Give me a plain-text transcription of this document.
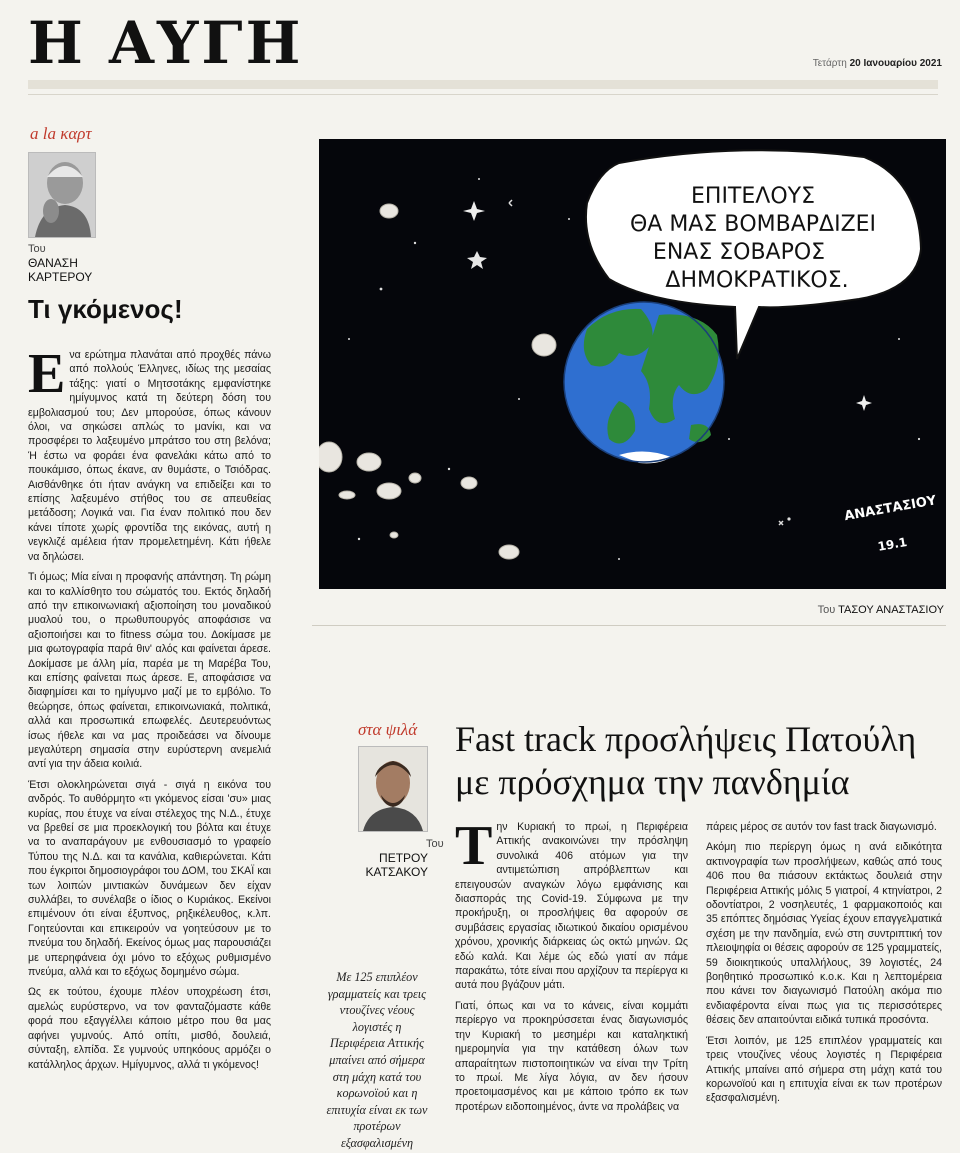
Η ΑΥΓΗ	Τετάρτη 20 Ιανουαρίου 2021
a la καρτ
Του
ΘΑΝΑΣΗ
ΚΑΡΤΕΡΟΥ
Τι γκόμενος!

Ενα ερώτημα πλανάται από προχθές πάνω από πολλούς Έλληνες, ιδίως της μεσαίας τάξης: γιατί ο Μητσοτάκης εμφανίστηκε ημίγυμνος κατά τη δεύτερη δόση του εμβολιασμού του; Δεν μπορούσε, όπως κάνουν όλοι, να σηκώσει απλώς το μανίκι, και να προσφέρει το λαξευμένο μπράτσο του στη βελόνα; Ή έστω να φοράει ένα φανελάκι κάτω από το πουκάμισο, όπως έκανε, αν θυμάστε, ο Τσιόδρας. Αισθάνθηκε ότι ήταν ανάγκη να επιδείξει και το επίσης λαξευμένο στήθος του σε απευθείας μετάδοση; Λογικά ναι. Για έναν πολιτικό που δεν κάνει τίποτε χωρίς φροντίδα της εικόνας, αυτή η νεγκλιζέ αμέλεια ήταν προμελετημένη. Κάτι ήθελε να δηλώσει.

Τι όμως; Μία είναι η προφανής απάντηση. Τη ρώμη και το καλλίσθητο του σώματός του. Εκτός δηλαδή από την επικοινωνιακή αξιοποίηση του μοναδικού μυαλού του, ο πρωθυπουργός αποφάσισε να αξιοποιήσει και το fitness σώμα του. Δοκίμασε με μια φωτογραφία παρά θιν' αλός και φαίνεται άρεσε. Δοκίμασε με άλλη μία, παρέα με τη Μαρέβα Του, και επίσης φαίνεται πως άρεσε. Ε, αποφάσισε να διαφημίσει και το ημίγυμνο μαζί με το εμβόλιο. Το θεώρησε, όπως φαίνεται, επικοινωνιακά, πολιτικά, αλλά και προσωπικά επωφελές. Δευτερευόντως ίσως ήθελε και να μας προιδεάσει να δίνουμε μεγαλύτερη σημασία στην ευρύστερνη ανεμελιά αντί για την άδεια κοιλιά.

Έτσι ολοκληρώνεται σιγά - σιγά η εικόνα του ανδρός. Το αυθόρμητο «τι γκόμενος είσαι 'συ» μιας κυρίας, που έτυχε να είναι στέλεχος της Ν.Δ., έτυχε να βρεθεί σε μια προεκλογική του βόλτα και έτυχε να το αναπαράγουν με ενθουσιασμό το γραφείο Τύπου της Ν.Δ. και τα κανάλια, καθιερώνεται. Κάτι που έγκριτοι δημοσιογράφοι του ΔΟΜ, του ΣΚΑΪ και των λοιπών μιντιακών δυνάμεων δεν είχαν συλλάβει, το συνέλαβε ο ίδιος ο Κυριάκος. Εκείνοι επιμένουν ότι είναι έξυπνος, ρηξικέλευθος, κ.λπ. Γοητεύονται και επικειρούν να γοητεύσουν με το πνεύμα του δηλαδή. Εκείνος όμως μας παρουσιάζει με υπερηφάνεια όχι μόνο το εξόχως ρυθμισμένο πνεύμα, αλλά και το εξόχως δομημένο σώμα.

Ως εκ τούτου, έχουμε πλέον υποχρέωση έτσι, αμελώς ευρύστερνο, να τον φανταζόμαστε κάθε φορά που εξαγγέλλει κάποιο μέτρο που θα μας αφήνει γυμνούς. Από οπίτι, μισθό, δουλειά, σύνταξη, ελπίδα. Σε γυμνούς υπηκόους αρμόζει ο κατάλληλος άρχων. Ημίγυμνος, αλλά τι γκόμενος!

ΕΠΙΤΕΛΟΥΣ
ΘΑ ΜΑΣ ΒΟΜΒΑΡΔΙΖΕΙ
ΕΝΑΣ ΣΟΒΑΡΟΣ
ΔΗΜΟΚΡΑΤΙΚΟΣ.
ΑΝΑΣΤΑΣΙΟΥ
19.1
Του ΤΑΣΟΥ ΑΝΑΣΤΑΣΙΟΥ
στα ψιλά
Του
ΠΕΤΡΟΥ ΚΑΤΣΑΚΟΥ
Fast track προσλήψεις Πατούλη
με πρόσχημα την πανδημία
Με 125 επιπλέον γραμματείς και τρεις ντουζίνες νέους λογιστές η Περιφέρεια Αττικής μπαίνει από σήμερα στη μάχη κατά του κορωνοϊού και η επιτυχία είναι εκ των προτέρων εξασφαλισμένη

Την Κυριακή το πρωί, η Περιφέρεια Αττικής ανακοινώνει την πρόσληψη συνολικά 406 ατόμων για την αντιμετώπιση απρόβλεπτων και επειγουσών αναγκών λόγω εμφάνισης και διασποράς της Covid-19. Σύμφωνα με την προκήρυξη, οι προσλήψεις θα αφορούν σε συμβάσεις εργασίας ιδιωτικού δικαίου ορισμένου χρόνου, χρονικής διάρκειας ώς οκτώ μηνών. Ως εδώ καλά. Και λέμε ώς εδώ γιατί αν πάμε παρακάτω, τότε είναι που αρχίζουν τα περίεργα κι αυτά που βγάζουν μάτι.

Γιατί, όπως και να το κάνεις, είναι κομμάτι περίεργο να προκηρύσσεται ένας διαγωνισμός την Κυριακή το μεσημέρι και καταληκτική ημερομηνία για την κατάθεση όλων των απαραίτητων πιστοποιητικών να είναι την Τρίτη το πρωί. Με λίγα λόγια, αν δεν ήσουν προετοιμασμένος και με κάποιο τρόπο εκ των προτέρων ειδοποιημένος, άντε να προλάβεις να

πάρεις μέρος σε αυτόν τον fast track διαγωνισμό.

Ακόμη πιο περίεργη όμως η ανά ειδικότητα ακτινογραφία των προσλήψεων, καθώς από τους 406 που θα πιάσουν εκτάκτως δουλειά στην Περιφέρεια Αττικής μόλις 5 γιατροί, 4 κτηνίατροι, 2 οδοντίατροι, 2 νοσηλευτές, 1 φαρμακοποιός και 35 επόπτες δημόσιας Υγείας έχουν επαγγελματικά σχέση με την πανδημία, ενώ στη συντριπτική τον πλειοψηφία οι θέσεις αφορούν σε 125 γραμματείς, 59 διοικητικούς υπαλλήλους, 39 λογιστές, 24 βοηθητικό προσωπικό κ.ο.κ. Και η λεπτομέρεια που κάνει τον διαγωνισμό Πατούλη ακόμα πιο ενδιαφέροντα είναι πως για τις περισσότερες θέσεις δεν απαιτούνται ειδικά τυπικά προσόντα.

Έτσι λοιπόν, με 125 επιπλέον γραμματείς και τρεις ντουζίνες νέους λογιστές η Περιφέρεια Αττικής μπαίνει από σήμερα στη μάχη κατά του κορωνοϊού και η επιτυχία είναι εκ των προτέρων εξασφαλισμένη.
